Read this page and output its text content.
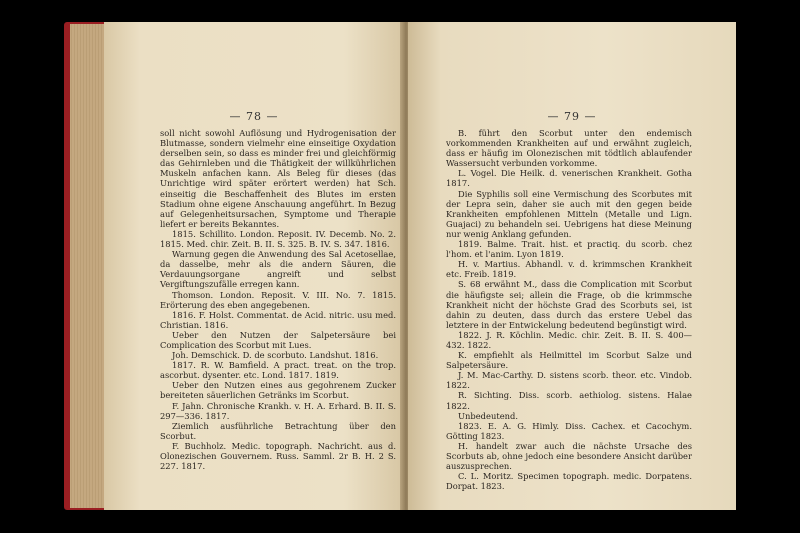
— 78 —

soll nicht sowohl Auflösung und Hydrogenisation der Blutmasse, sondern vielmehr eine einseitige Oxydation derselben sein, so dass es minder frei und gleichförmig das Gehirnleben und die Thätigkeit der willkührlichen Muskeln anfachen kann. Als Beleg für dieses (das Unrichtige wird später erörtert werden) hat Sch. einseitig die Beschaffenheit des Blutes im ersten Stadium ohne eigene Anschauung angeführt. In Bezug auf Gelegenheitsursachen, Symptome und Therapie liefert er bereits Bekanntes.

1815. Schillito. London. Reposit. IV. Decemb. No. 2. 1815. Med. chir. Zeit. B. II. S. 325. B. IV. S. 347. 1816.

Warnung gegen die Anwendung des Sal Acetosellae, da dasselbe, mehr als die andern Säuren, die Verdauungsorgane angreift und selbst Vergiftungszufälle erregen kann.

Thomson. London. Reposit. V. III. No. 7. 1815. Erörterung des eben angegebenen.

1816. F. Holst. Commentat. de Acid. nitric. usu med. Christian. 1816.

Ueber den Nutzen der Salpetersäure bei Complication des Scorbut mit Lues.

Joh. Demschick. D. de scorbuto. Landshut. 1816.

1817. R. W. Bamfield. A pract. treat. on the trop. ascorbut. dysenter. etc. Lond. 1817. 1819.

Ueber den Nutzen eines aus gegohrenem Zucker bereiteten säuerlichen Getränks im Scorbut.

F. Jahn. Chronische Krankh. v. H. A. Erhard. B. II. S. 297—336. 1817.

Ziemlich ausführliche Betrachtung über den Scorbut.

F. Buchholz. Medic. topograph. Nachricht. aus d. Olonezischen Gouvernem. Russ. Samml. 2r B. H. 2 S. 227. 1817.

— 79 —

B. führt den Scorbut unter den endemisch vorkommenden Krankheiten auf und erwähnt zugleich, dass er häufig im Olonezischen mit tödtlich ablaufender Wassersucht verbunden vorkomme.

L. Vogel. Die Heilk. d. venerischen Krankheit. Gotha 1817.

Die Syphilis soll eine Vermischung des Scorbutes mit der Lepra sein, daher sie auch mit den gegen beide Krankheiten empfohlenen Mitteln (Metalle und Lign. Guajaci) zu behandeln sei. Uebrigens hat diese Meinung nur wenig Anklang gefunden.

1819. Balme. Trait. hist. et practiq. du scorb. chez l'hom. et l'anim. Lyon 1819.

H. v. Martius. Abhandl. v. d. krimmschen Krankheit etc. Freib. 1819.

S. 68 erwähnt M., dass die Complication mit Scorbut die häufigste sei; allein die Frage, ob die krimmsche Krankheit nicht der höchste Grad des Scorbuts sei, ist dahin zu deuten, dass durch das erstere Uebel das letztere in der Entwickelung bedeutend begünstigt wird.

1822. J. R. Köchlin. Medic. chir. Zeit. B. II. S. 400—432. 1822.

K. empfiehlt als Heilmittel im Scorbut Salze und Salpetersäure.

J. M. Mac-Carthy. D. sistens scorb. theor. etc. Vindob. 1822.

R. Sichting. Diss. scorb. aethiolog. sistens. Halae 1822.

Unbedeutend.

1823. E. A. G. Himly. Diss. Cachex. et Cacochym. Götting 1823.

H. handelt zwar auch die nächste Ursache des Scorbuts ab, ohne jedoch eine besondere Ansicht darüber auszusprechen.

C. L. Moritz. Specimen topograph. medic. Dorpatens. Dorpat. 1823.
